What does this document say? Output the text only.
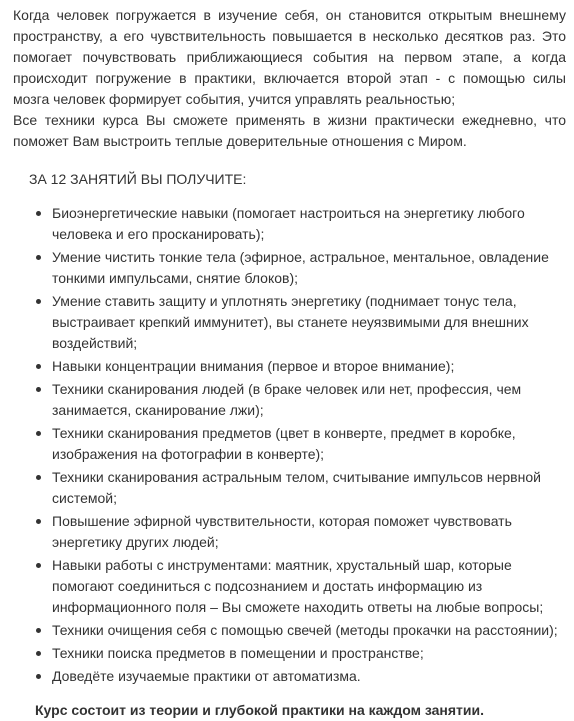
Когда человек погружается в изучение себя, он становится открытым внешнему пространству, а его чувствительность повышается в несколько десятков раз. Это помогает почувствовать приближающиеся события на первом этапе, а когда происходит погружение в практики, включается второй этап - с помощью силы мозга человек формирует события, учится управлять реальностью;

Все техники курса Вы сможете применять в жизни практически ежедневно, что поможет Вам выстроить теплые доверительные отношения с Миром.

ЗА 12 ЗАНЯТИЙ ВЫ ПОЛУЧИТЕ:
Биоэнергетические навыки (помогает настроиться на энергетику любого человека и его просканировать);
Умение чистить тонкие тела (эфирное, астральное, ментальное, овладение тонкими импульсами, снятие блоков);
Умение ставить защиту и уплотнять энергетику (поднимает тонус тела, выстраивает крепкий иммунитет), вы станете неуязвимыми для внешних воздействий;
Навыки концентрации внимания (первое и второе внимание);
Техники сканирования людей (в браке человек или нет, профессия, чем занимается, сканирование лжи);
Техники сканирования предметов (цвет в конверте, предмет в коробке, изображения на фотографии в конверте);
Техники сканирования астральным телом, считывание импульсов нервной системой;
Повышение эфирной чувствительности, которая поможет чувствовать энергетику других людей;
Навыки работы с инструментами: маятник, хрустальный шар, которые помогают соединиться с подсознанием и достать информацию из информационного поля – Вы сможете находить ответы на любые вопросы;
Техники очищения себя с помощью свечей (методы прокачки на расстоянии);
Техники поиска предметов в помещении и пространстве;
Доведёте изучаемые практики от автоматизма.
Курс состоит из теории и глубокой практики на каждом занятии.
